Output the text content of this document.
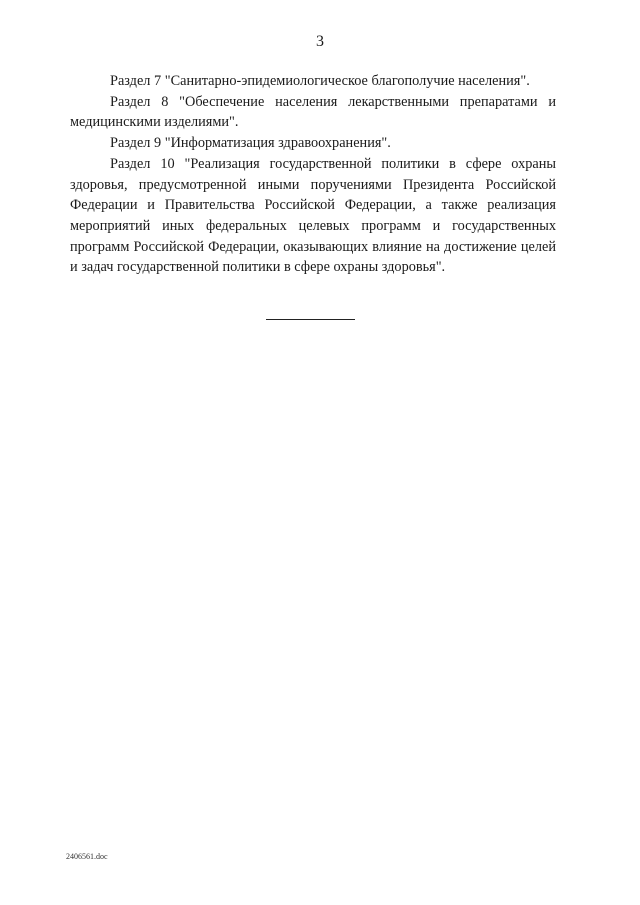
3

Раздел 7 "Санитарно-эпидемиологическое благополучие населения".

Раздел 8 "Обеспечение населения лекарственными препаратами и медицинскими изделиями".

Раздел 9 "Информатизация здравоохранения".

Раздел 10 "Реализация государственной политики в сфере охраны здоровья, предусмотренной иными поручениями Президента Российской Федерации и Правительства Российской Федерации, а также реализация мероприятий иных федеральных целевых программ и государственных программ Российской Федерации, оказывающих влияние на достижение целей и задач государственной политики в сфере охраны здоровья".

2406561.doc
